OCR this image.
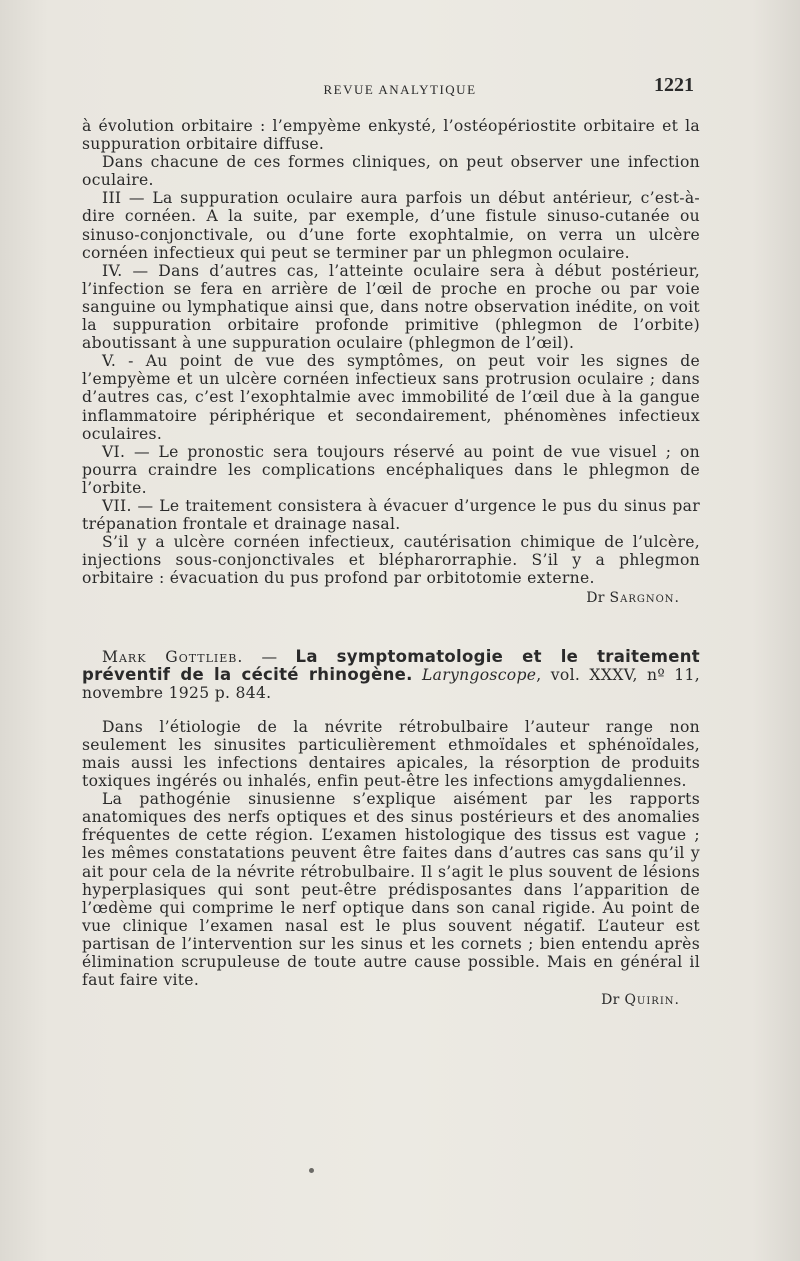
REVUE ANALYTIQUE	1221

à évolution orbitaire : l’empyème enkysté, l’ostéopériostite orbitaire et la suppuration orbitaire diffuse.

Dans chacune de ces formes cliniques, on peut observer une infection oculaire.

III — La suppuration oculaire aura parfois un début antérieur, c’est-à-dire cornéen. A la suite, par exemple, d’une fistule sinuso-cutanée ou sinuso-conjonctivale, ou d’une forte exophtalmie, on verra un ulcère cornéen infectieux qui peut se terminer par un phlegmon oculaire.

IV. — Dans d’autres cas, l’atteinte oculaire sera à début postérieur, l’infection se fera en arrière de l’œil de proche en proche ou par voie sanguine ou lymphatique ainsi que, dans notre observation inédite, on voit la suppuration orbitaire profonde primitive (phlegmon de l’orbite) aboutissant à une suppuration oculaire (phlegmon de l’œil).

V. - Au point de vue des symptômes, on peut voir les signes de l’empyème et un ulcère cornéen infectieux sans protrusion oculaire ; dans d’autres cas, c’est l’exophtalmie avec immobilité de l’œil due à la gangue inflammatoire périphérique et secondairement, phénomènes infectieux oculaires.

VI. — Le pronostic sera toujours réservé au point de vue visuel ; on pourra craindre les complications encéphaliques dans le phlegmon de l’orbite.

VII. — Le traitement consistera à évacuer d’urgence le pus du sinus par trépanation frontale et drainage nasal.

S’il y a ulcère cornéen infectieux, cautérisation chimique de l’ulcère, injections sous-conjonctivales et blépharorraphie. S’il y a phlegmon orbitaire : évacuation du pus profond par orbitotomie externe.

Dr Sargnon.

Mark Gottlieb. — La symptomatologie et le traitement préventif de la cécité rhinogène. Laryngoscope, vol. XXXV, nº 11, novembre 1925 p. 844.

Dans l’étiologie de la névrite rétrobulbaire l’auteur range non seulement les sinusites particulièrement ethmoïdales et sphénoïdales, mais aussi les infections dentaires apicales, la résorption de produits toxiques ingérés ou inhalés, enfin peut-être les infections amygdaliennes.

La pathogénie sinusienne s’explique aisément par les rapports anatomiques des nerfs optiques et des sinus postérieurs et des anomalies fréquentes de cette région. L’examen histologique des tissus est vague ; les mêmes constatations peuvent être faites dans d’autres cas sans qu’il y ait pour cela de la névrite rétrobulbaire. Il s’agit le plus souvent de lésions hyperplasiques qui sont peut-être prédisposantes dans l’apparition de l’œdème qui comprime le nerf optique dans son canal rigide. Au point de vue clinique l’examen nasal est le plus souvent négatif. L’auteur est partisan de l’intervention sur les sinus et les cornets ; bien entendu après élimination scrupuleuse de toute autre cause possible. Mais en général il faut faire vite.

Dr Quirin.
